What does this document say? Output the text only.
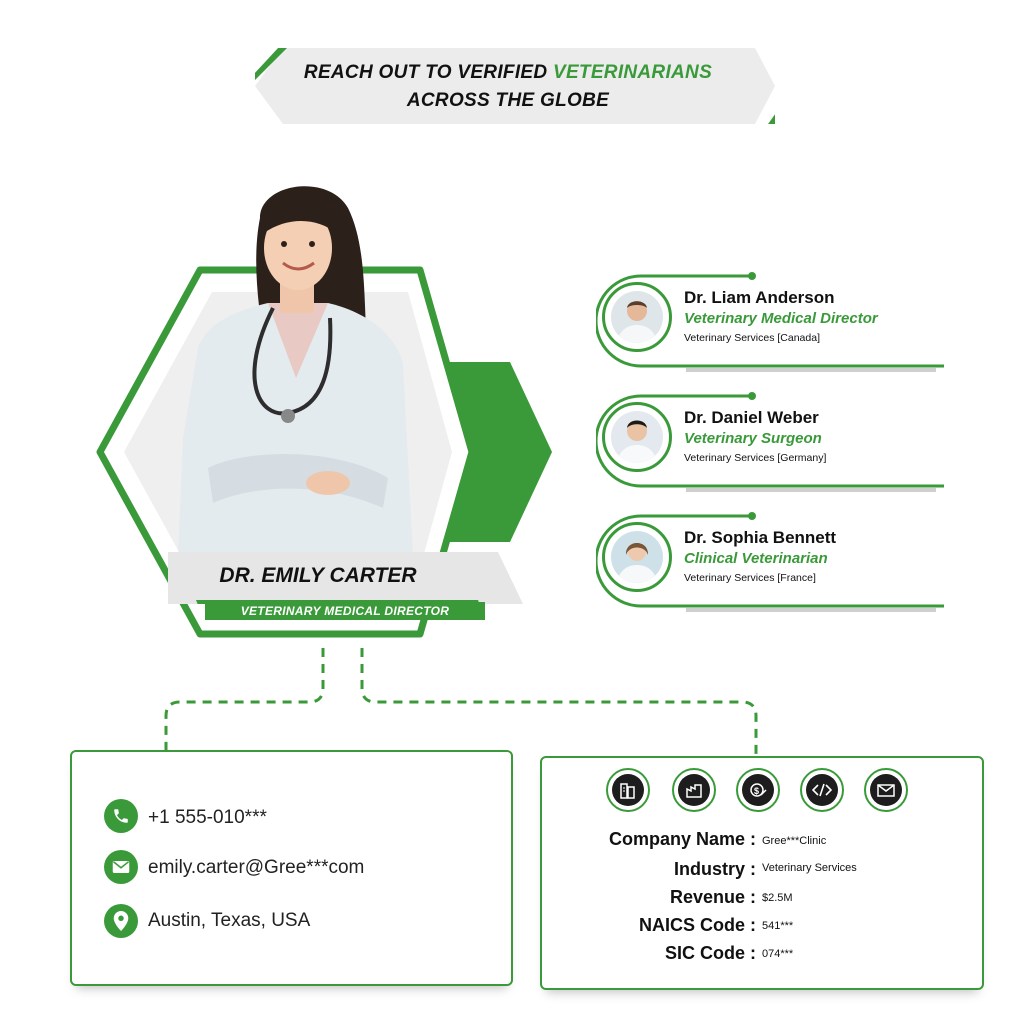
REACH OUT TO VERIFIED VETERINARIANS
ACROSS THE GLOBE
DR. EMILY CARTER
VETERINARY MEDICAL DIRECTOR
Dr. Liam Anderson
Veterinary Medical Director
Veterinary Services [Canada]
Dr. Daniel Weber
Veterinary Surgeon
Veterinary Services [Germany]
Dr. Sophia Bennett
Clinical Veterinarian
Veterinary Services [France]
+1 555-010***
emily.carter@Gree***com
Austin, Texas, USA
$
Company Name : Gree***Clinic
Industry : Veterinary Services
Revenue : $2.5M
NAICS Code : 541***
SIC Code : 074***
